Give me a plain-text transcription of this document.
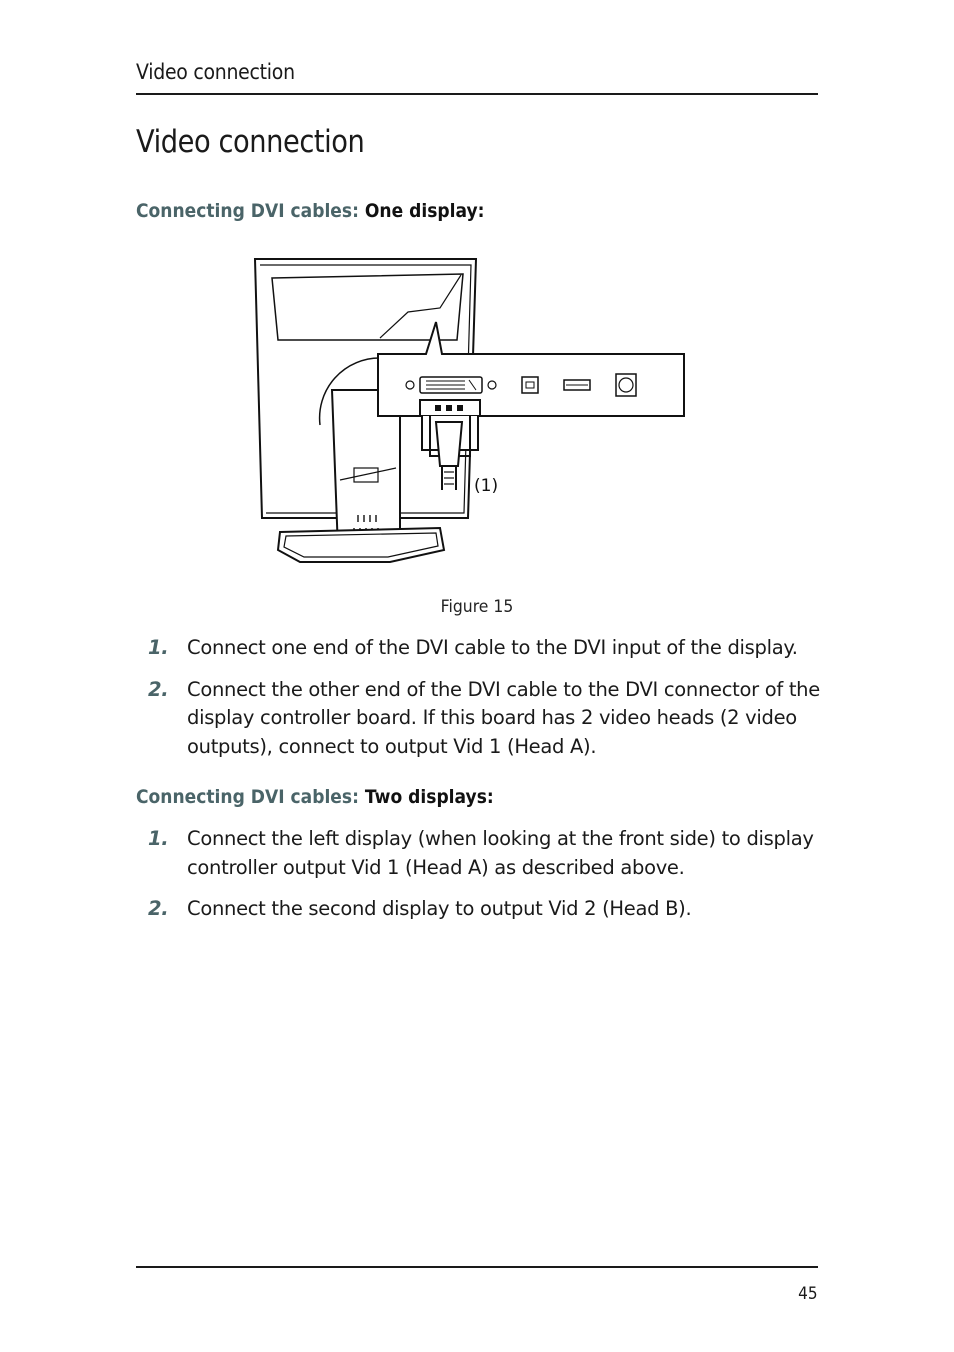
Video connection
Video connection
Connecting DVI cables: One display:
(1)
Figure 15
1. Connect one end of the DVI cable to the DVI input of the display.
2. Connect the other end of the DVI cable to the DVI connector of the display controller board. If this board has 2 video heads (2 video outputs), connect to output Vid 1 (Head A).
Connecting DVI cables: Two displays:
1. Connect the left display (when looking at the front side) to display controller output Vid 1 (Head A) as described above.
2. Connect the second display to output Vid 2 (Head B).
45
